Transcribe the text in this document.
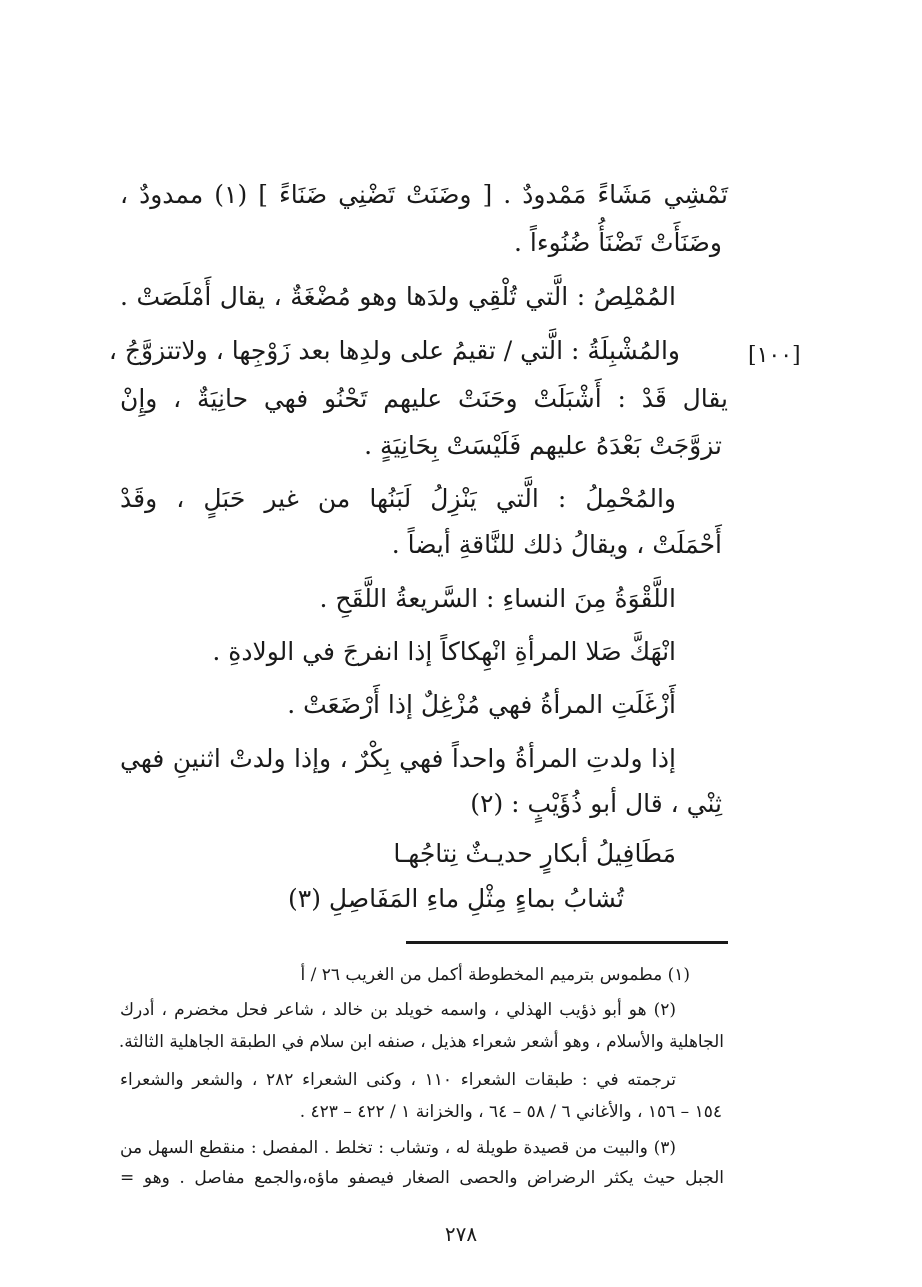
تَمْشِي مَشَاءً مَمْدودٌ . [ وضَنَتْ تَضْنِي ضَنَاءً ] (١) ممدودٌ ،
وضَنَأَتْ تَضْنَأُ ضُنُوءاً .
المُمْلِصُ : الَّتي تُلْقِي ولدَها وهو مُضْغَةٌ ، يقال أَمْلَصَتْ .
[١٠٠]
والمُشْبِلَةُ : الَّتي / تقيمُ على ولدِها بعد زَوْجِها ، ولاتتزوَّجُ ،
يقال قَدْ : أَشْبَلَتْ وحَنَتْ عليهم تَحْنُو فهي حانِيَةٌ ، وإِنْ
تزوَّجَتْ بَعْدَهُ عليهم فَلَيْسَتْ بِحَانِيَةٍ .
والمُحْمِلُ : الَّتي يَنْزِلُ لَبَنُها من غير حَبَلٍ ، وقَدْ
أَحْمَلَتْ ، ويقالُ ذلك للنَّاقةِ أيضاً .
اللَّقْوَةُ مِنَ النساءِ : السَّريعةُ اللَّقَحِ .
انْهَكَّ صَلا المرأةِ انْهِكاكاً إذا انفرجَ في الولادةِ .
أَزْغَلَتِ المرأةُ فهي مُزْغِلٌ إذا أَرْضَعَتْ .
إذا ولدتِ المرأةُ واحداً فهي بِكْرٌ ، وإذا ولدتْ اثنينِ فهي
ثِنْي ، قال أبو ذُؤَيْبٍ : (٢)
مَطَافِيلُ أبكارٍ حديـثٌ نِتاجُهـا
تُشابُ بماءٍ مِثْلِ ماءِ المَفَاصِلِ (٣)
(١) مطموس بترميم المخطوطة أكمل من الغريب ٢٦ / أ
(٢) هو أبو ذؤيب الهذلي ، واسمه خويلد بن خالد ، شاعر فحل مخضرم ، أدرك
الجاهلية والأسلام ، وهو أشعر شعراء هذيل ، صنفه ابن سلام في الطبقة الجاهلية الثالثة.
ترجمته في : طبقات الشعراء ١١٠ ، وكنى الشعراء ٢٨٢ ، والشعر والشعراء
١٥٤ – ١٥٦ ، والأغاني ٦ / ٥٨ – ٦٤ ، والخزانة ١ / ٤٢٢ – ٤٢٣ .
(٣) والبيت من قصيدة طويلة له ، وتشاب : تخلط . المفصل : منقطع السهل من
الجبل حيث يكثر الرضراض والحصى الصغار فيصفو ماؤه،والجمع مفاصل . وهو =
٢٧٨
